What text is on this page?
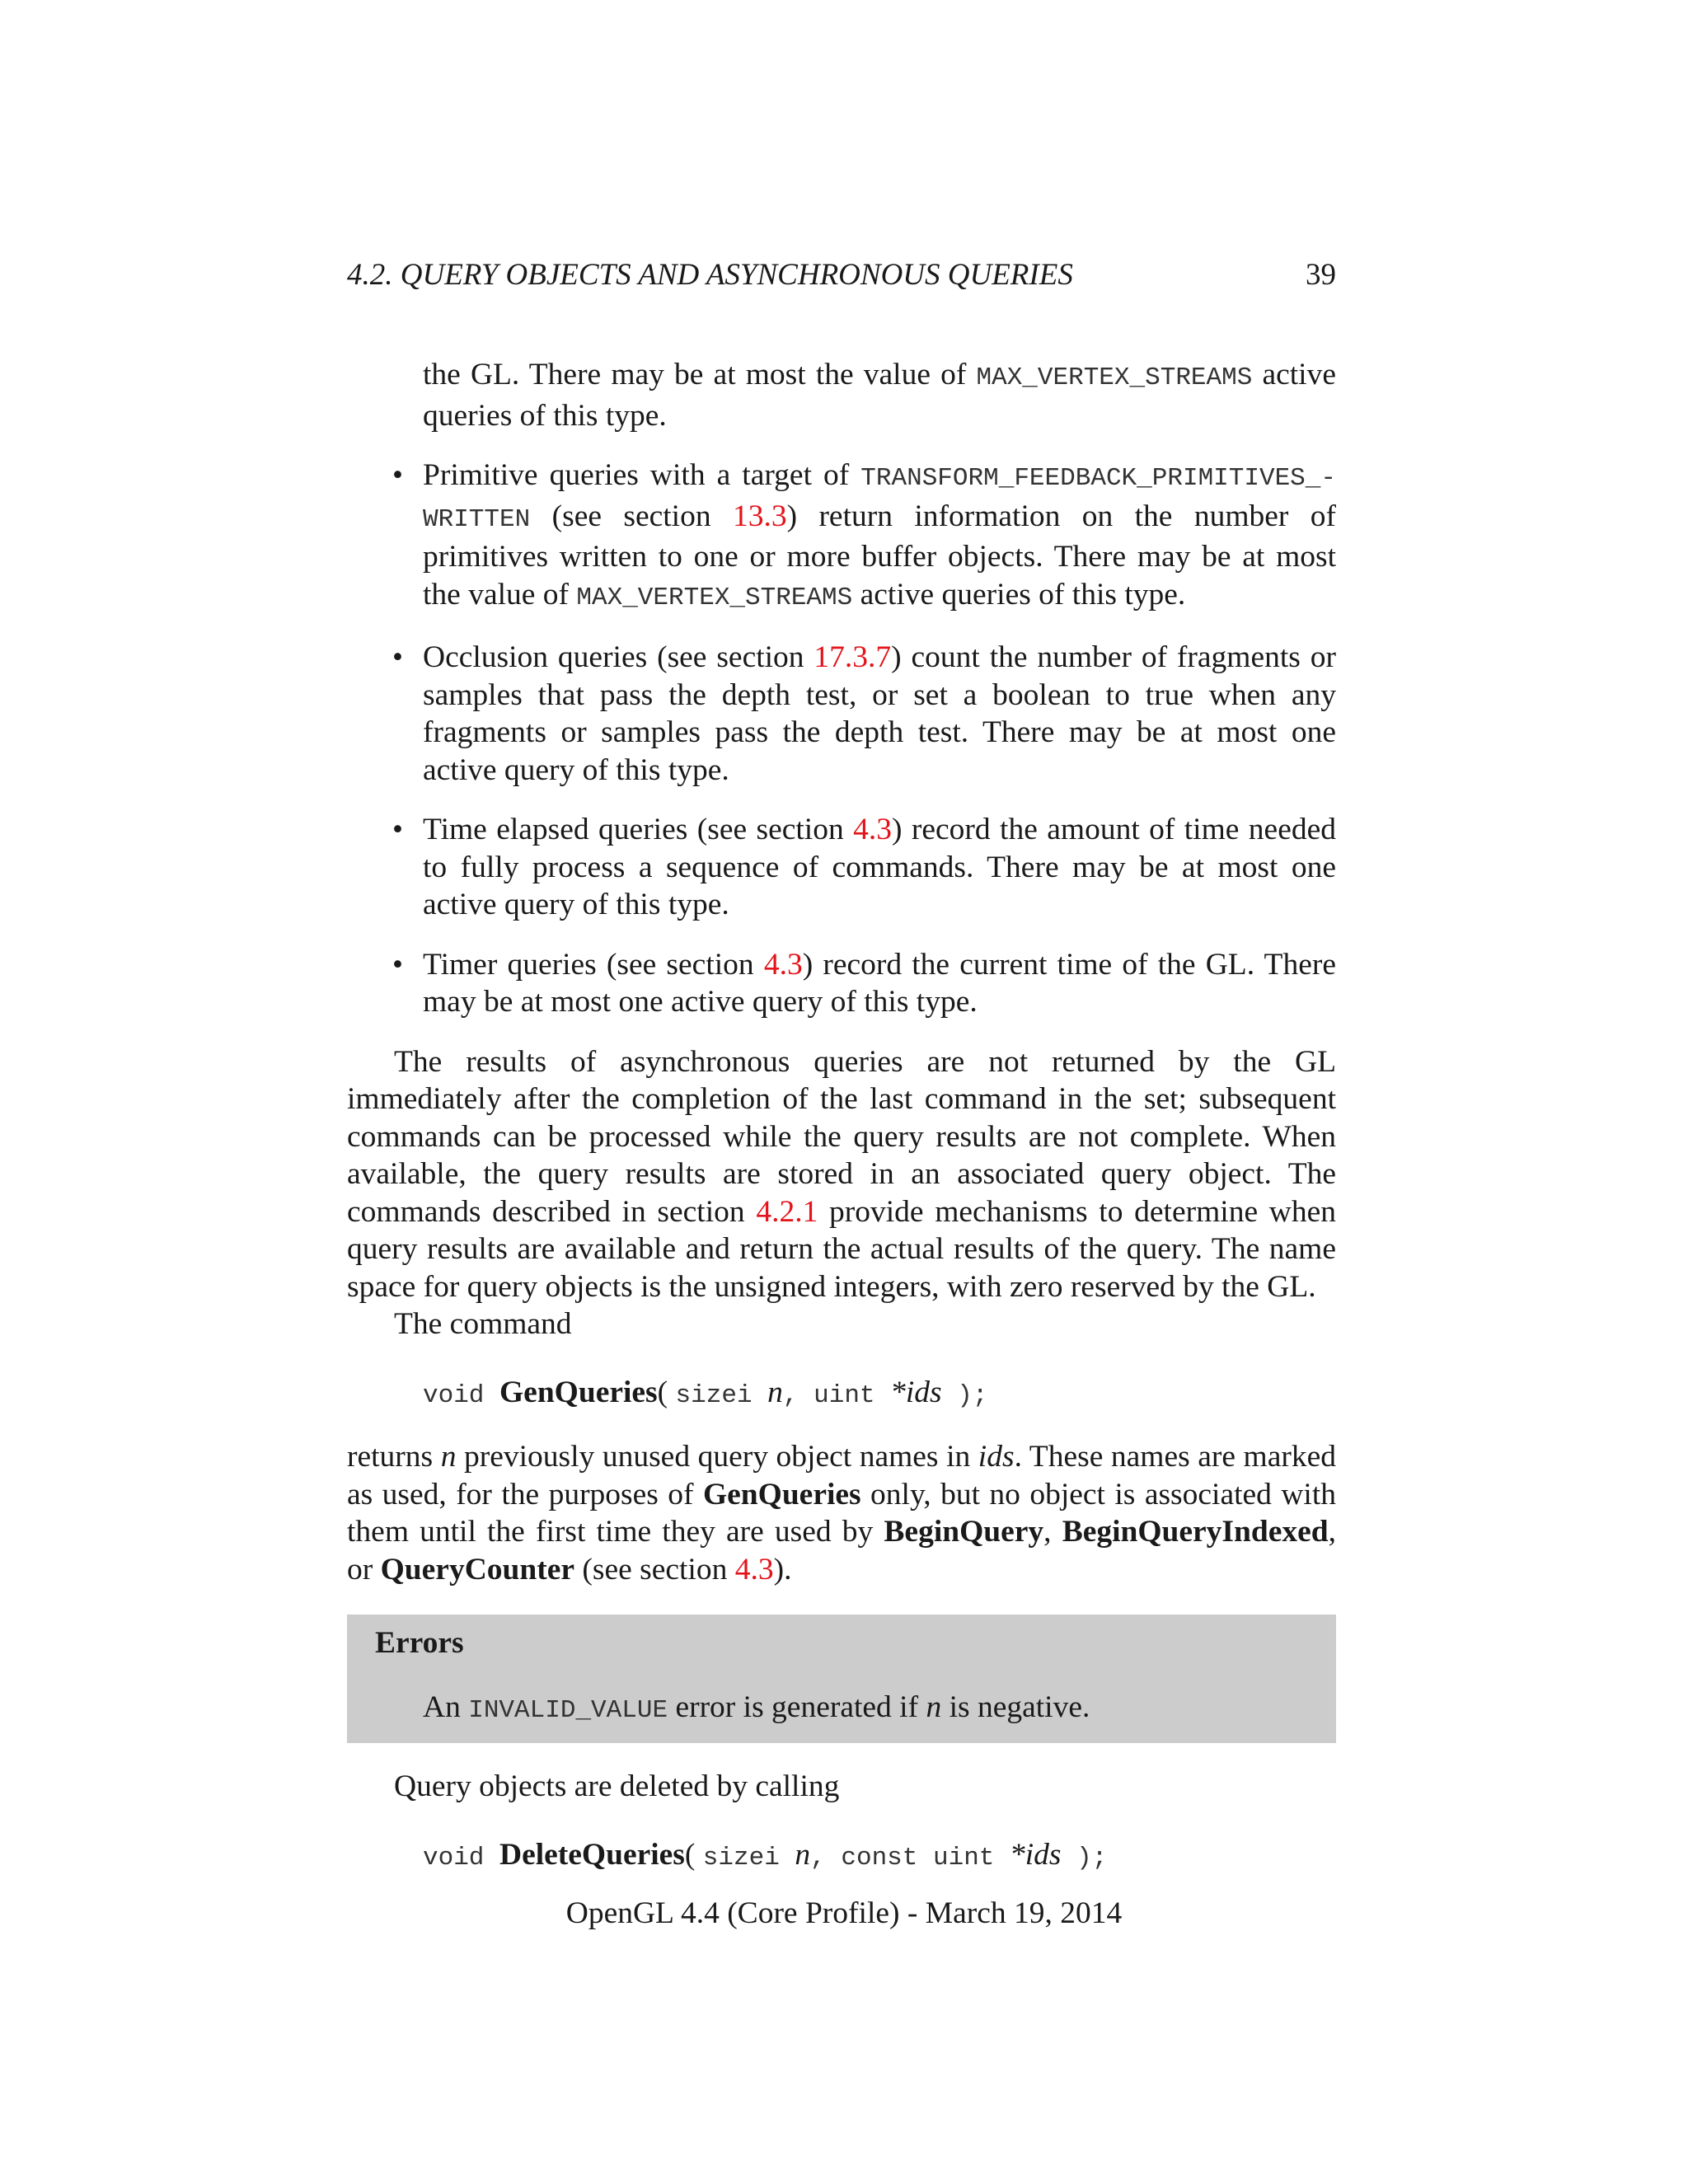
4.2. QUERY OBJECTS AND ASYNCHRONOUS QUERIES	39

the GL. There may be at most the value of MAX_VERTEX_STREAMS active queries of this type.

• Primitive queries with a target of TRANSFORM_FEEDBACK_PRIMITIVES_-WRITTEN (see section 13.3) return information on the number of primitives written to one or more buffer objects. There may be at most the value of MAX_VERTEX_STREAMS active queries of this type.

• Occlusion queries (see section 17.3.7) count the number of fragments or samples that pass the depth test, or set a boolean to true when any fragments or samples pass the depth test. There may be at most one active query of this type.

• Time elapsed queries (see section 4.3) record the amount of time needed to fully process a sequence of commands. There may be at most one active query of this type.

• Timer queries (see section 4.3) record the current time of the GL. There may be at most one active query of this type.

The results of asynchronous queries are not returned by the GL immediately after the completion of the last command in the set; subsequent commands can be processed while the query results are not complete. When available, the query results are stored in an associated query object. The commands described in section 4.2.1 provide mechanisms to determine when query results are available and return the actual results of the query. The name space for query objects is the unsigned integers, with zero reserved by the GL.

The command

void GenQueries( sizei n, uint *ids );

returns n previously unused query object names in ids. These names are marked as used, for the purposes of GenQueries only, but no object is associated with them until the first time they are used by BeginQuery, BeginQueryIndexed, or QueryCounter (see section 4.3).

Errors
An INVALID_VALUE error is generated if n is negative.

Query objects are deleted by calling

void DeleteQueries( sizei n, const uint *ids );
OpenGL 4.4 (Core Profile) - March 19, 2014
